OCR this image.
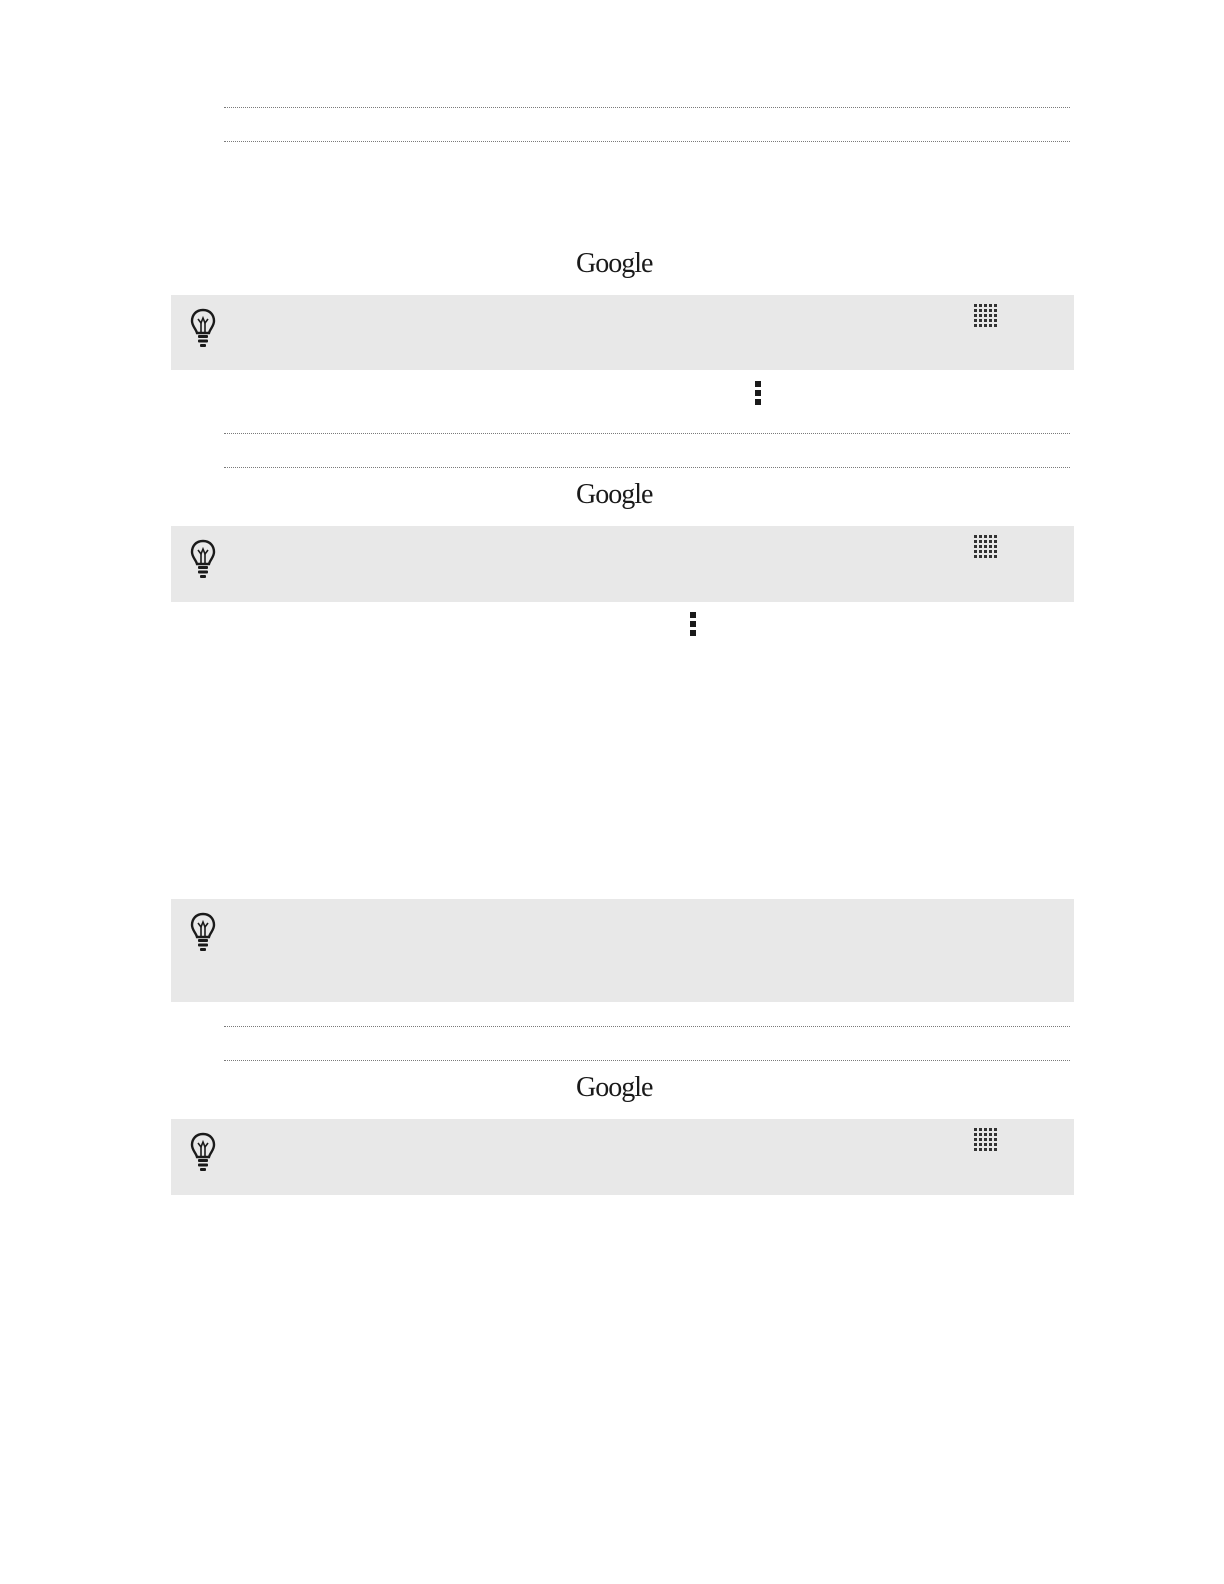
Google
Google
Google
